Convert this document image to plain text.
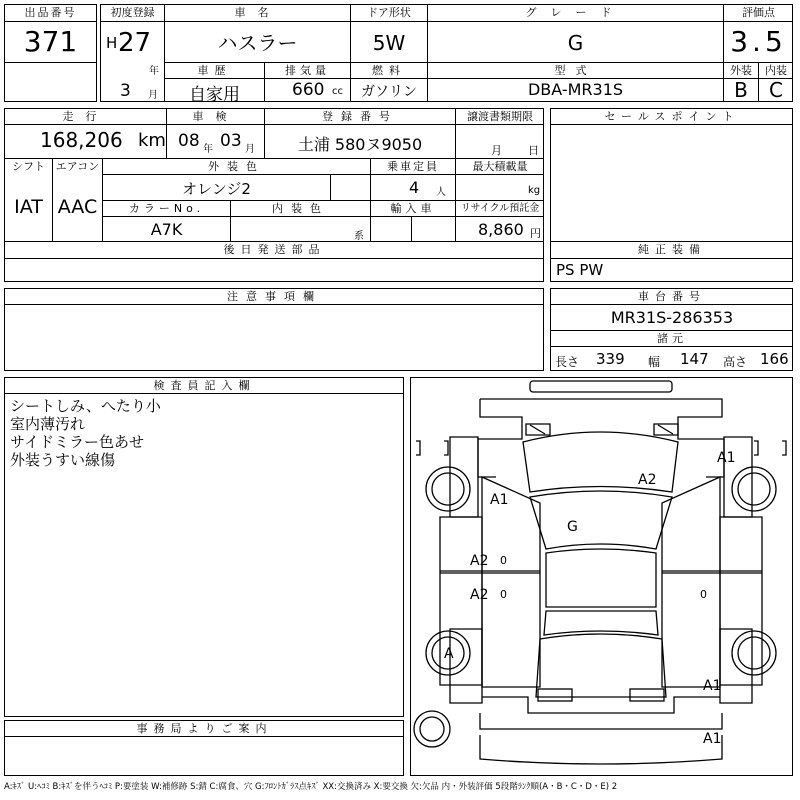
出品番号
371
初度登録
H 27
年
3 月
車名
ハスラー
ドア形状
5W
グレード
G
評価点
3.5
車歴
自家用
排気量
660 cc
燃料
ガソリン
型式
DBA-MR31S
外装	内装
B	C
走行
168,206 km
車検
08 年 03 月
登録番号
土浦 580ヌ9050
譲渡書類期限
月 日
シフト エアコン
IAT AAC
外装色
オレンジ2
乗車定員
4 人
最大積載量
kg
カラーNo.
A7K
内装色
系
輸入車	リサイクル預託金
8,860 円
後日発送部品
セールスポイント
純正装備
PS PW
注意事項欄	車台番号
MR31S-286353
諸元
長さ 339 幅 147 高さ 166
検査員記入欄
シートしみ、へたり小
室内薄汚れ
サイドミラー色あせ
外装うすい線傷
事務局よりご案内
A1
A2
A2
A
A1
A2
G
A1
A1
0
0	0
A:ｷｽﾞ U:ﾍｺﾐ B:ｷｽﾞを伴うﾍｺﾐ P:要塗装 W:補修跡 S:錆 C:腐食、穴 G:ﾌﾛﾝﾄｶﾞﾗｽ点ｷｽﾞ XX:交換済み X:要交換 欠:欠品 内・外装評価 5段階ﾗﾝｸ順(A・B・C・D・E) 2
